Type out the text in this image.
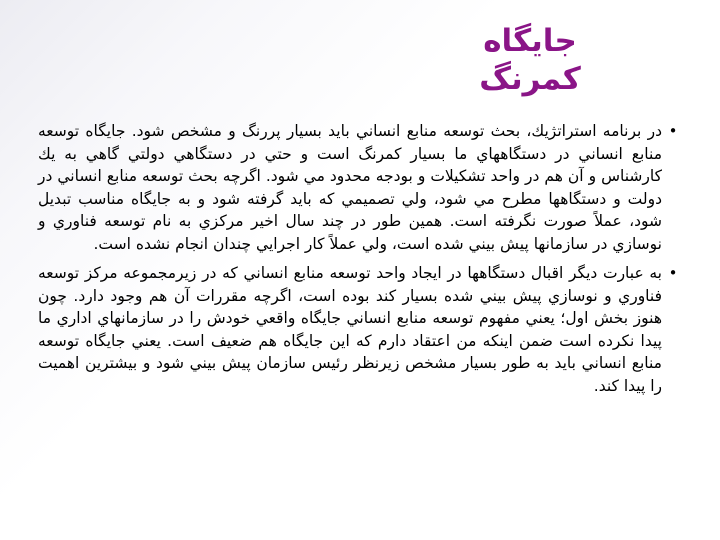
جايگاه
كمرنگ
•
در برنامه استراتژيك، بحث توسعه منابع انساني بايد بسيار پررنگ و مشخص شود. جايگاه توسعه منابع انساني در دستگاههاي ما بسيار كمرنگ است و حتي در دستگاهي دولتي گاهي به يك كارشناس و آن هم در واحد تشكيلات و بودجه محدود مي شود. اگرچه بحث توسعه منابع انساني در دولت و دستگاهها مطرح مي شود، ولي تصميمي كه بايد گرفته شود و به جايگاه مناسب تبديل شود، عملاً صورت نگرفته است. همين طور در چند سال اخير مركزي به نام توسعه فناوري و نوسازي در سازمانها پيش بيني شده است، ولي عملاً كار اجرايي چندان انجام نشده است.
•
به عبارت ديگر اقبال دستگاهها در ايجاد واحد توسعه منابع انساني كه در زيرمجموعه مركز توسعه فناوري و نوسازي پيش بيني شده بسيار كند بوده است، اگرچه مقررات آن هم وجود دارد. چون هنوز بخش اول؛ يعني مفهوم توسعه منابع انساني جايگاه واقعي خودش را در سازمانهاي اداري ما پيدا نكرده است ضمن اينكه من اعتقاد دارم كه اين جايگاه هم ضعيف است. يعني جايگاه توسعه منابع انساني بايد به طور بسيار مشخص زيرنظر رئيس سازمان پيش بيني شود و بيشترين اهميت را پيدا كند.
